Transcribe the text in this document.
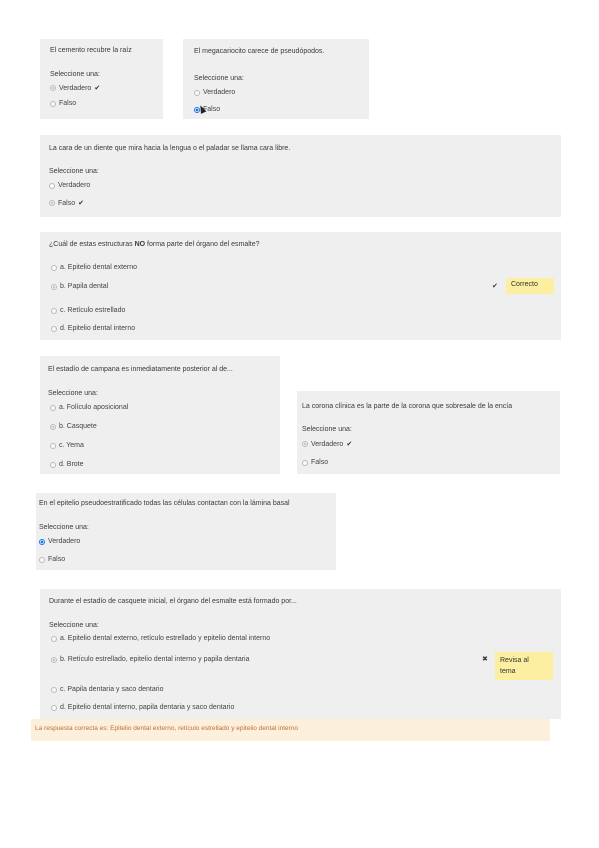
El cemento recubre la raíz
Seleccione una:
Verdadero ✔
Falso
El megacariocito carece de pseudópodos.
Seleccione una:
Verdadero
Falso
La cara de un diente que mira hacia la lengua o el paladar se llama cara libre.
Seleccione una:
Verdadero
Falso ✔
¿Cuál de estas estructuras NO forma parte del órgano del esmalte?
a. Epitelio dental externo
b. Papila dental
c. Retículo estrellado
d. Epitelio dental interno
✔	Correcto
El estadío de campana es inmediatamente posterior al de...
Seleccione una:
a. Folículo aposicional
b. Casquete
c. Yema
d. Brote
La corona clínica es la parte de la corona que sobresale de la encía
Seleccione una:
Verdadero ✔
Falso
En el epitelio pseudoestratificado todas las células contactan con la lámina basal
Seleccione una:
Verdadero
Falso
Durante el estadío de casquete inicial, el órgano del esmalte está formado por...
Seleccione una:
a. Epitelio dental externo, retículo estrellado y epitelio dental interno
b. Retículo estrellado, epitelio dental interno y papila dentaria
c. Papila dentaria y saco dentario
d. Epitelio dental interno, papila dentaria y saco dentario
✖ Revisa al
tema
La respuesta correcta es: Epitelio dental externo, retículo estrellado y epitelio dental interno
